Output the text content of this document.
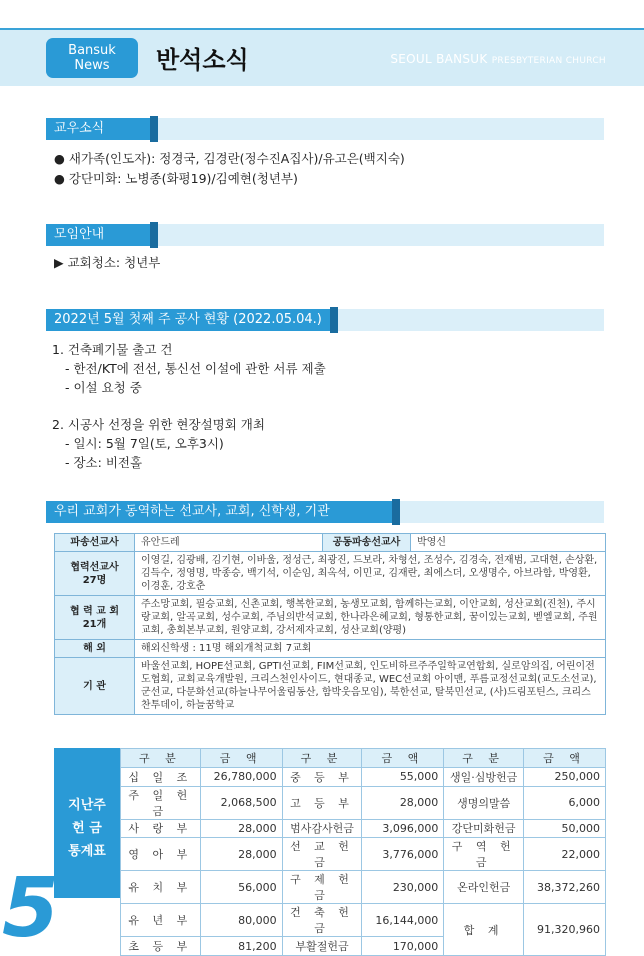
Bansuk
News	반석소식	SEOUL BANSUK PRESBYTERIAN CHURCH
교우소식
● 새가족(인도자): 정경국, 김경란(정수진A집사)/유고은(백지숙)
● 강단미화: 노병종(화평19)/김예현(청년부)
모임안내
▶ 교회청소: 청년부
2022년 5월 첫째 주 공사 현황 (2022.05.04.)
1. 건축폐기물 출고 건
- 한전/KT에 전선, 통신선 이설에 관한 서류 제출
- 이설 요청 중
2. 시공사 선정을 위한 현장설명회 개최
- 일시: 5월 7일(토, 오후3시)
- 장소: 비전홀
우리 교회가 동역하는 선교사, 교회, 신학생, 기관
파송선교사	유안드레	공동파송선교사	박영신

협력선교사
27명	이영길, 김광배, 김기현, 이바울, 정성근, 최광진, 드보라, 차형선, 조성수, 김경숙, 전재범, 고대현, 손상환, 김득수, 정영명, 박종승, 백기석, 이순임, 최옥석, 이민교, 김재란, 최에스더, 오생명수, 아브라함, 박영환, 이경훈, 강호춘		

협 력 교 회
21개	주소망교회, 필승교회, 신촌교회, 행복한교회, 농생모교회, 함께하는교회, 이안교회, 성산교회(진천), 주시랑교회, 알곡교회, 성수교회, 주님의반석교회, 한나라은혜교회, 형통한교회, 꿈이있는교회, 벧엘교회, 주원교회, 총회본부교회, 원양교회, 강서제자교회, 성산교회(양평)		
해 외	해외신학생 : 11명 해외개척교회 7교회		
기 관	바울선교회, HOPE선교회, GPTI선교회, FIM선교회, 인도비하르주주일학교연합회, 실로암의집, 어린이전도협회, 교회교육개발원, 크리스천인사이드, 현대종교, WEC선교회 아이맨, 푸름교정선교회(교도소선교), 군선교, 다문화선교(하늘나무어울림동산, 함박웃음모임), 북한선교, 탈북민선교, (사)드림포틴스, 크리스찬투데이, 하늘꿈학교		
지난주
헌 금
통계표
구 분	금 액	구 분	금 액	구 분	금 액
십 일 조	26,780,000	중 등 부	55,000	생일·심방헌금	250,000
주 일 헌 금	2,068,500	고 등 부	28,000	생명의말씀	6,000
사 랑 부	28,000	범사감사헌금	3,096,000	강단미화헌금	50,000
영 아 부	28,000	선 교 헌 금	3,776,000	구 역 헌 금	22,000
유 치 부	56,000	구 제 헌 금	230,000	온라인헌금	38,372,260
유 년 부	80,000	건 축 헌 금	16,144,000	합 계	91,320,960
초 등 부	81,200	부활절헌금	170,000		
5
